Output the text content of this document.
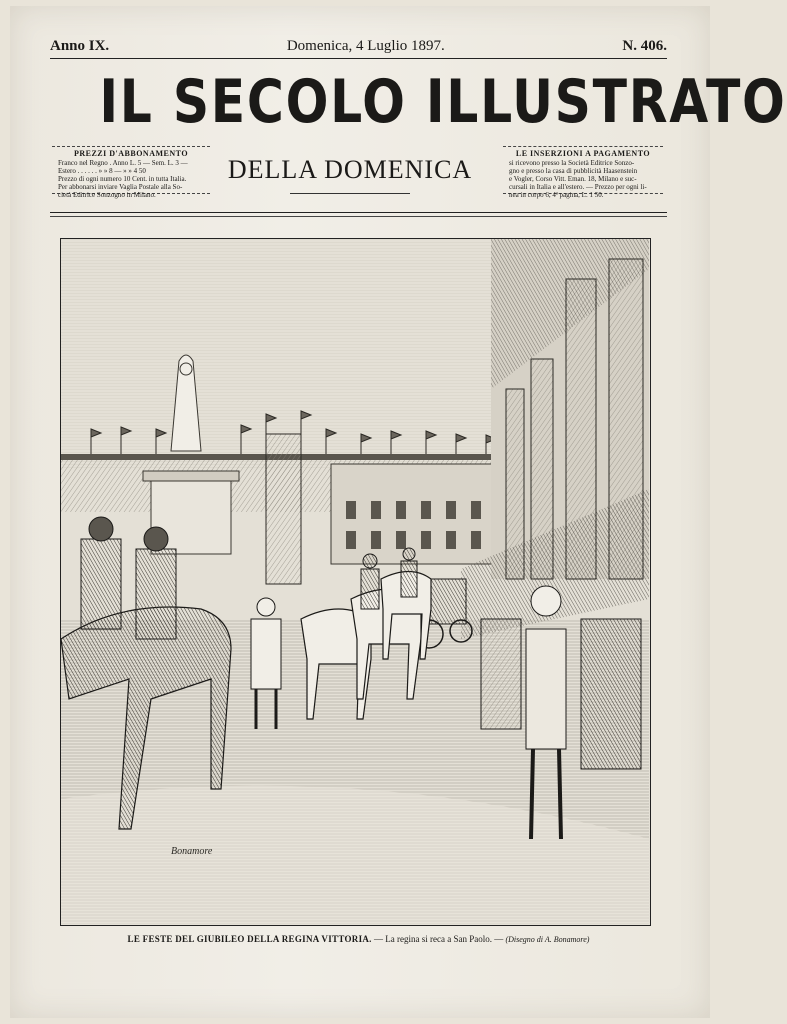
Anno IX.	Domenica, 4 Luglio 1897.	N. 406.
IL SECOLO ILLUSTRATO
PREZZI D'ABBONAMENTO
Franco nel Regno . Anno L. 5 — Sem. L. 3 —
Estero . . . . . . » » 8 — » » 4 50
Prezzo di ogni numero 10 Cent. in tutta Italia.
Per abbonarsi inviare Vaglia Postale alla So-
cietà Editrice Sonzogno in Milano.
DELLA DOMENICA
LE INSERZIONI A PAGAMENTO
si ricevono presso la Società Editrice Sonzo-
gno e presso la casa di pubblicità Haasenstein
e Vogler, Corso Vitt. Eman. 18, Milano e suc-
cursali in Italia e all'estero. — Prezzo per ogni li-
nea in corpo 6, 4ª pagina, L. 1 50.
Bonamore
LE FESTE DEL GIUBILEO DELLA REGINA VITTORIA. — La regina si reca a San Paolo. — (Disegno di A. Bonamore)
